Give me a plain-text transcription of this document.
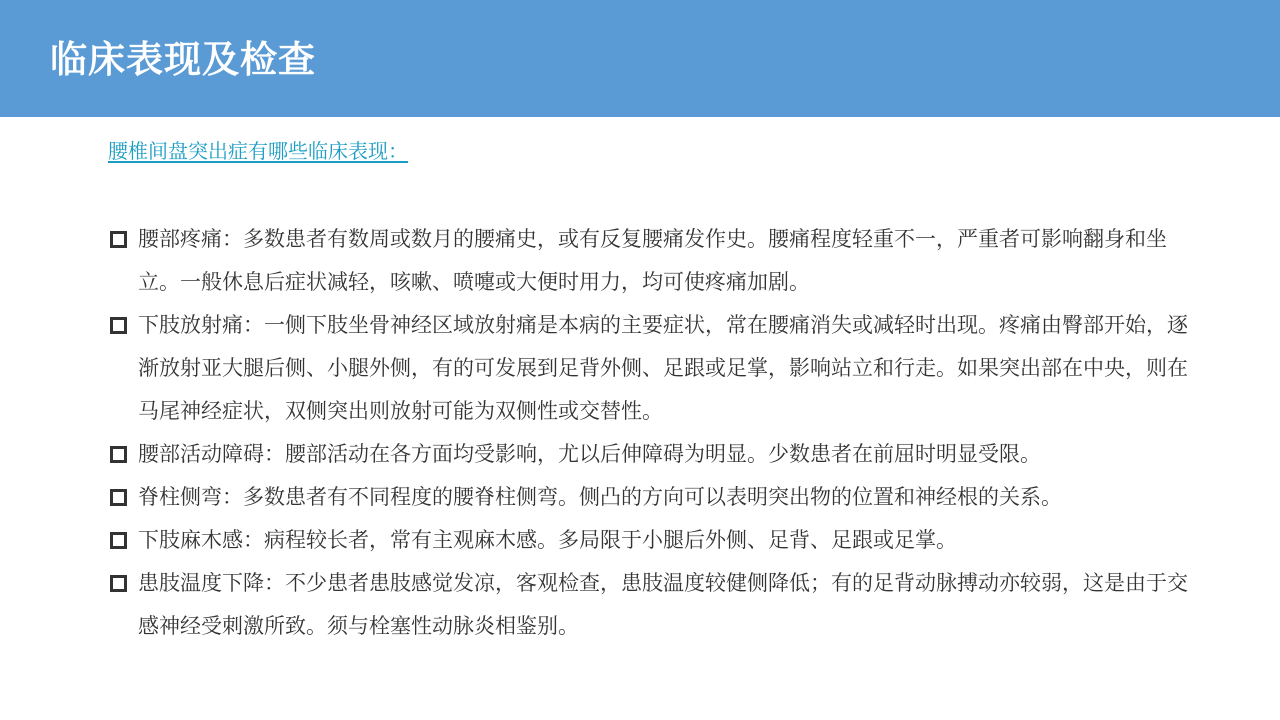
临床表现及检查
腰椎间盘突出症有哪些临床表现：
腰部疼痛：多数患者有数周或数月的腰痛史，或有反复腰痛发作史。腰痛程度轻重不一，严重者可影响翻身和坐立。一般休息后症状减轻，咳嗽、喷嚏或大便时用力，均可使疼痛加剧。
下肢放射痛：一侧下肢坐骨神经区域放射痛是本病的主要症状，常在腰痛消失或减轻时出现。疼痛由臀部开始，逐渐放射亚大腿后侧、小腿外侧，有的可发展到足背外侧、足跟或足掌，影响站立和行走。如果突出部在中央，则在马尾神经症状，双侧突出则放射可能为双侧性或交替性。
腰部活动障碍：腰部活动在各方面均受影响，尤以后伸障碍为明显。少数患者在前屈时明显受限。
脊柱侧弯：多数患者有不同程度的腰脊柱侧弯。侧凸的方向可以表明突出物的位置和神经根的关系。
下肢麻木感：病程较长者，常有主观麻木感。多局限于小腿后外侧、足背、足跟或足掌。
患肢温度下降：不少患者患肢感觉发凉，客观检查，患肢温度较健侧降低；有的足背动脉搏动亦较弱，这是由于交感神经受刺激所致。须与栓塞性动脉炎相鉴别。
